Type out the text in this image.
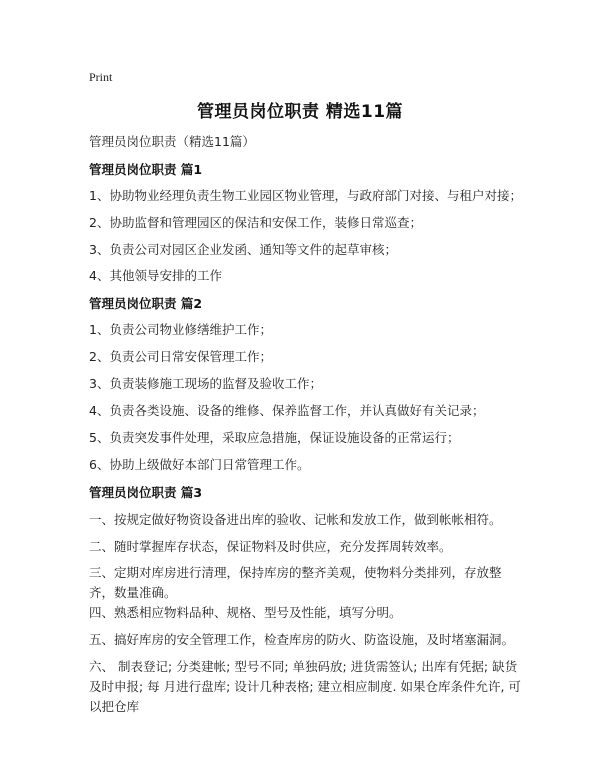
Print
管理员岗位职责 精选11篇
管理员岗位职责（精选11篇）
管理员岗位职责 篇1
1、协助物业经理负责生物工业园区物业管理，与政府部门对接、与租户对接；
2、协助监督和管理园区的保洁和安保工作，装修日常巡查；
3、负责公司对园区企业发函、通知等文件的起草审核；
4、其他领导安排的工作
管理员岗位职责 篇2
1、负责公司物业修缮维护工作；
2、负责公司日常安保管理工作；
3、负责装修施工现场的监督及验收工作；
4、负责各类设施、设备的维修、保养监督工作，并认真做好有关记录；
5、负责突发事件处理，采取应急措施，保证设施设备的正常运行；
6、协助上级做好本部门日常管理工作。
管理员岗位职责 篇3
一、按规定做好物资设备进出库的验收、记帐和发放工作，做到帐帐相符。
二、随时掌握库存状态，保证物料及时供应，充分发挥周转效率。
三、定期对库房进行清理，保持库房的整齐美观，使物料分类排列，存放整齐，数量准确。
四、熟悉相应物料品种、规格、型号及性能，填写分明。
五、搞好库房的安全管理工作，检查库房的防火、防盗设施，及时堵塞漏洞。
六、 制表登记; 分类建帐; 型号不同; 单独码放; 进货需签认; 出库有凭据; 缺货及时申报; 每 月进行盘库; 设计几种表格; 建立相应制度. 如果仓库条件允许, 可以把仓库
